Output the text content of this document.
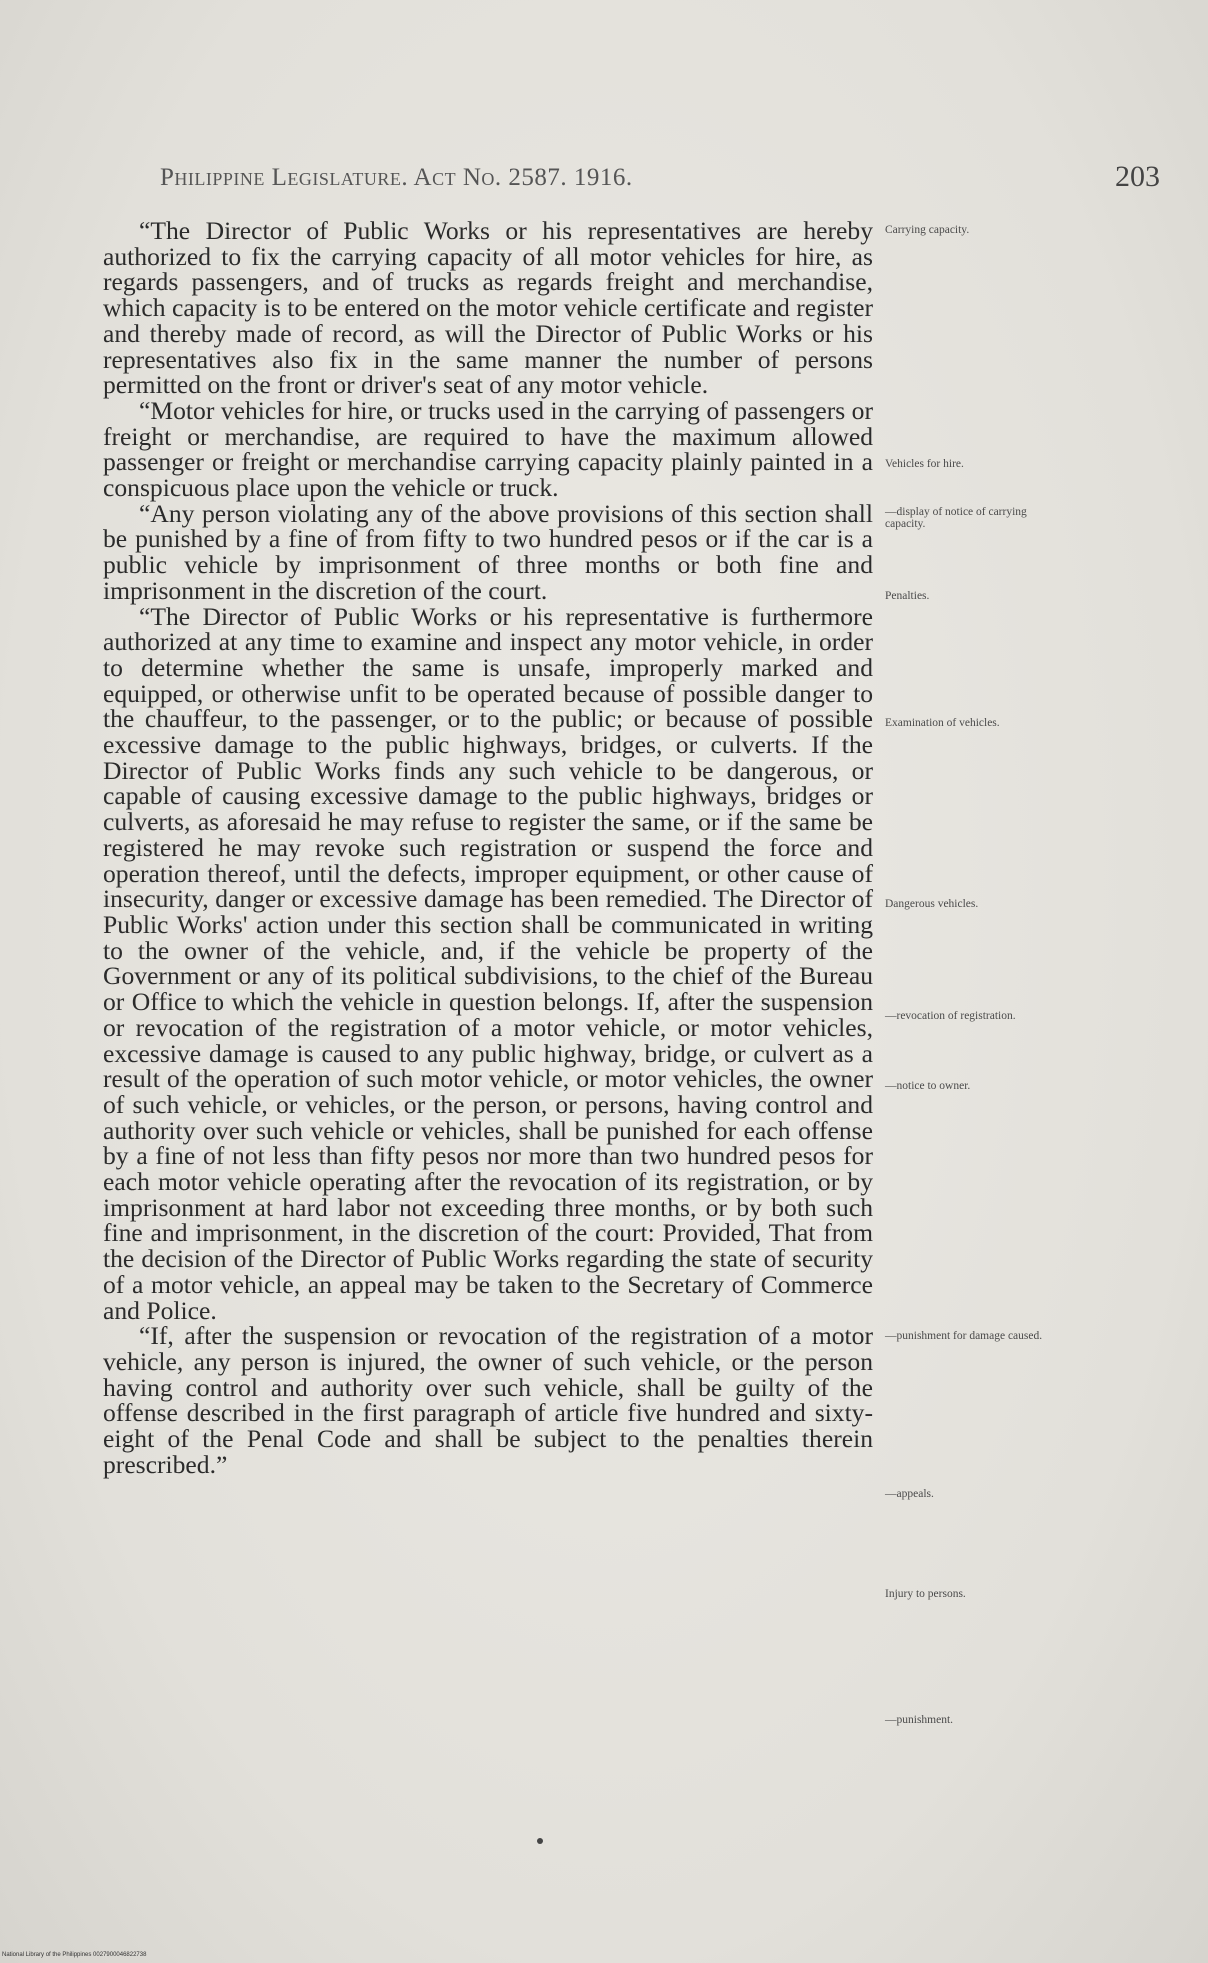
Philippine Legislature. Act No. 2587. 1916.	203

“The Director of Public Works or his representatives are hereby authorized to fix the carrying capacity of all motor vehicles for hire, as regards passengers, and of trucks as regards freight and merchandise, which capacity is to be entered on the motor vehicle certificate and register and thereby made of record, as will the Director of Public Works or his representatives also fix in the same manner the number of persons permitted on the front or driver's seat of any motor vehicle.

“Motor vehicles for hire, or trucks used in the carrying of passengers or freight or merchandise, are required to have the maximum allowed passenger or freight or merchandise carrying capacity plainly painted in a conspicuous place upon the vehicle or truck.

“Any person violating any of the above provisions of this section shall be punished by a fine of from fifty to two hundred pesos or if the car is a public vehicle by imprisonment of three months or both fine and imprisonment in the discretion of the court.

“The Director of Public Works or his representative is furthermore authorized at any time to examine and inspect any motor vehicle, in order to determine whether the same is unsafe, improperly marked and equipped, or otherwise unfit to be operated because of possible danger to the chauffeur, to the passenger, or to the public; or because of possible excessive damage to the public highways, bridges, or culverts. If the Director of Public Works finds any such vehicle to be dangerous, or capable of causing excessive damage to the public highways, bridges or culverts, as aforesaid he may refuse to register the same, or if the same be registered he may revoke such registration or suspend the force and operation thereof, until the defects, improper equipment, or other cause of insecurity, danger or excessive damage has been remedied. The Director of Public Works' action under this section shall be communicated in writing to the owner of the vehicle, and, if the vehicle be property of the Government or any of its political subdivisions, to the chief of the Bureau or Office to which the vehicle in question belongs. If, after the suspension or revocation of the registration of a motor vehicle, or motor vehicles, excessive damage is caused to any public highway, bridge, or culvert as a result of the operation of such motor vehicle, or motor vehicles, the owner of such vehicle, or vehicles, or the person, or persons, having control and authority over such vehicle or vehicles, shall be punished for each offense by a fine of not less than fifty pesos nor more than two hundred pesos for each motor vehicle operating after the revocation of its registration, or by imprisonment at hard labor not exceeding three months, or by both such fine and imprisonment, in the discretion of the court: Provided, That from the decision of the Director of Public Works regarding the state of security of a motor vehicle, an appeal may be taken to the Secretary of Commerce and Police.

“If, after the suspension or revocation of the registration of a motor vehicle, any person is injured, the owner of such vehicle, or the person having control and authority over such vehicle, shall be guilty of the offense described in the first paragraph of article five hundred and sixty-eight of the Penal Code and shall be subject to the penalties therein prescribed.”

Carrying capacity.
Vehicles for hire.
—display of notice of carrying capacity.
Penalties.
Examination of vehicles.
Dangerous vehicles.
—revocation of registration.
—notice to owner.
—punishment for damage caused.
—appeals.
Injury to persons.
—punishment.
National Library of the Philippines 0027900046822738
